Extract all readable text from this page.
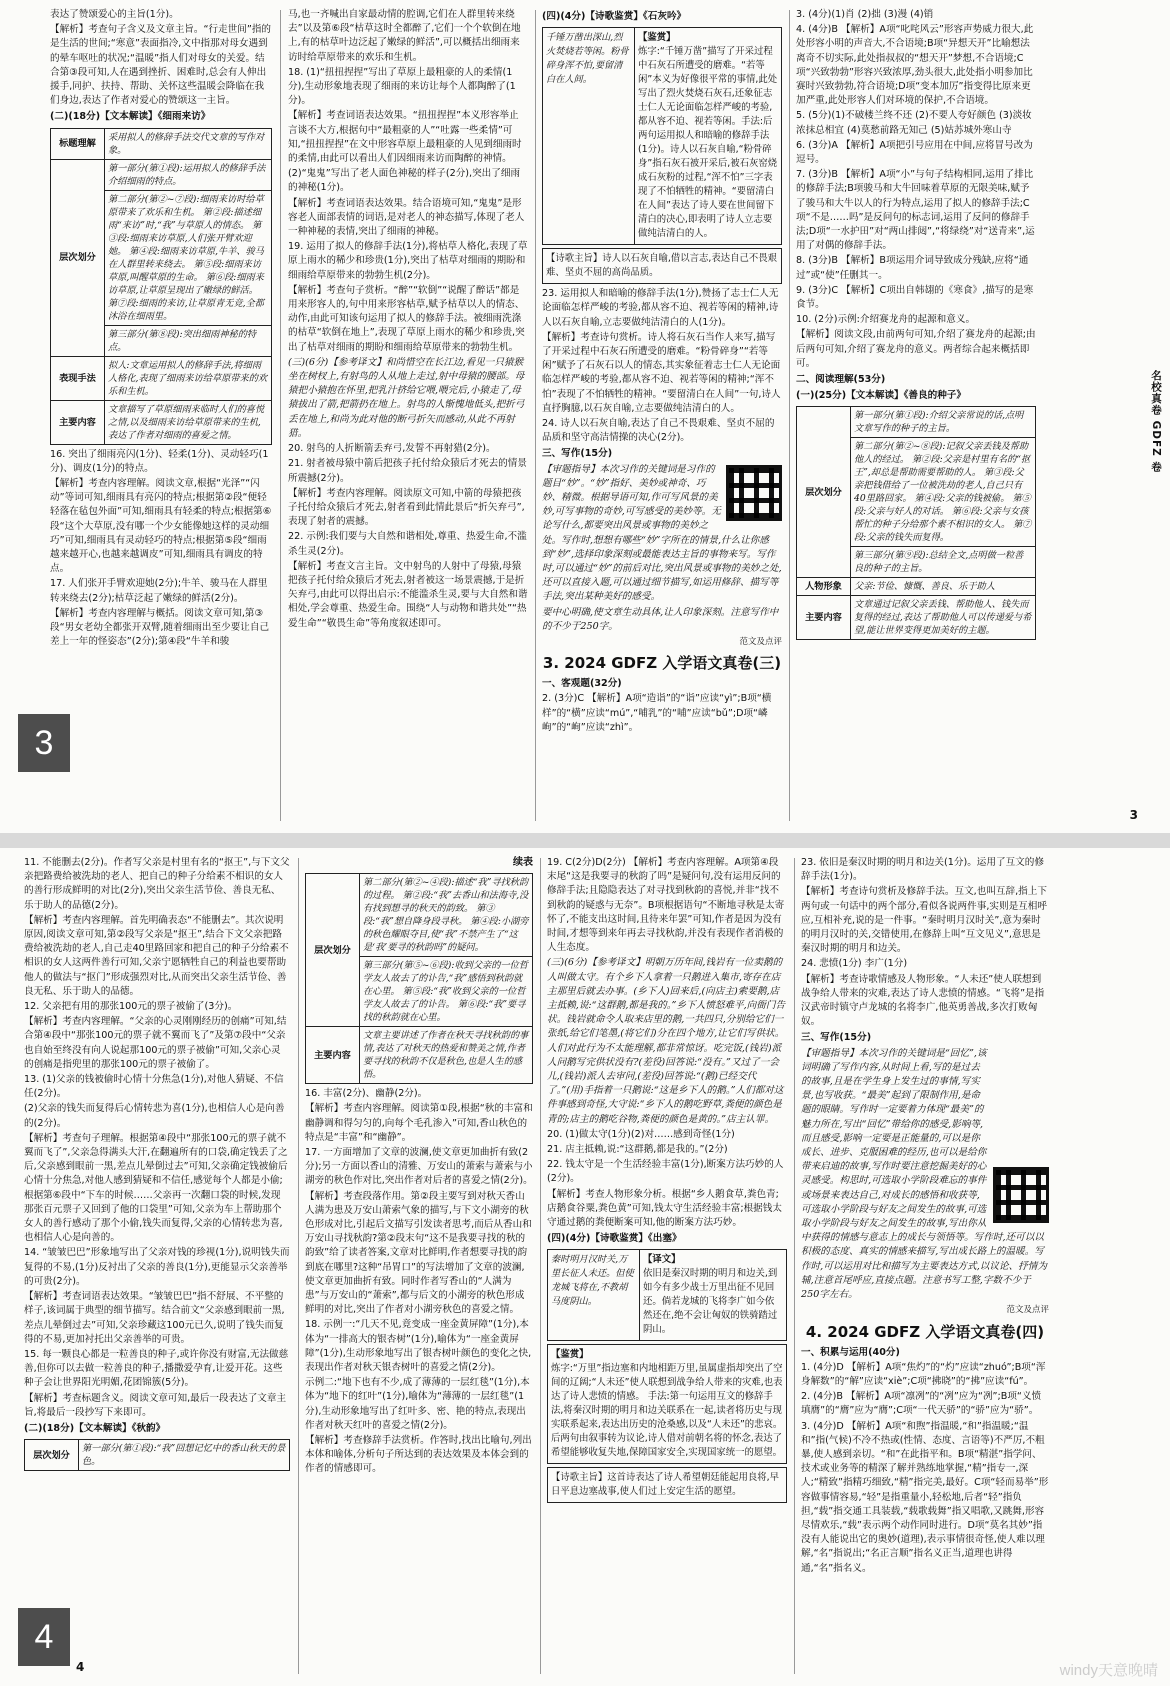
表达了赞颂爱心的主旨(1分)。

【解析】考查句子含义及文章主旨。“行走世间”指的是生活的世间;“寒意”表面指冷,文中指那对母女遇到的晕车呕吐的状况;“温暖”指人们对母女的关爱。结合第③段可知,人在遇到挫折、困难时,总会有人伸出援手,同护、扶持、帮助、关怀这些温暖会降临在我们身边,表达了作者对爱心的赞颂这一主旨。

(二)(18分)【文本解读】《细雨来访》

标题理解	采用拟人的修辞手法交代文章的写作对象。
层次划分	第一部分(第①段):运用拟人的修辞手法介绍细雨的特点。
	第二部分(第②~⑦段):细雨来访时给草原带来了欢乐和生机。 第②段:描述细雨“来访”时,“我”与草原人的情态。 第③段:细雨来访草原,人们张开臂欢迎她。 第④段:细雨来访草原,牛羊、骏马在人群里转来绕去。 第⑤段:细雨来访草原,叫醒草原的生命。 第⑥段:细雨来访草原,让草原呈现出了嫩绿的鲜活。 第⑦段:细雨的来访,让草原青无竞,全都沐浴在细雨里。
	第三部分(第⑧段):突出细雨神秘的特点。
表现手法	拟人:文章运用拟人的修辞手法,将细雨人格化,表现了细雨来访给草原带来的欢乐和生机。
主要内容	文章描写了草原细雨来临时人们的喜悦之情,以及细雨来访给草原带来的生机,表达了作者对细雨的喜爱之情。

16. 突出了细雨亮闪(1分)、轻柔(1分)、灵动轻巧(1分)、调皮(1分)的特点。

【解析】考查内容理解。阅读文章,根据“光泽”“闪动”等词可知,细雨具有亮闪的特点;根据第②段“便轻轻落在毡包外面”可知,细雨具有轻柔的特点;根据第⑥段“这个大草原,没有哪一个少女能像她这样的灵动细巧”可知,细雨具有灵动轻巧的特点;根据第⑤段“细雨越来越开心,也越来越调皮”可知,细雨具有调皮的特点。

17. 人们张开手臂欢迎她(2分);牛羊、骏马在人群里转来绕去(2分);枯草泛起了嫩绿的鲜活(2分)。

【解析】考查内容理解与概括。阅读文章可知,第③段“男女老幼全都张开双臂,随着细雨出至少要让自己差上一年的怪姿态”(2分);第④段“牛羊和骏

马,也一齐喊出自家最动情的腔调,它们在人群里转来绕去”以及第⑥段“枯草这时全都醉了,它们一个个软倒在地上,有的枯草叶边泛起了嫩绿的鲜活”,可以概括出细雨来访时给草原带来的欢乐和生机。

18. (1)“扭扭捏捏”写出了草原上最粗豪的人的柔情(1分),生动形象地表现了细雨的来访让每个人都陶醉了(1分)。

【解析】考查词语表达效果。“扭扭捏捏”本义形容举止言谈不大方,根据句中“最粗豪的人”“吐露一些柔情”可知,“扭扭捏捏”在文中形容草原上最粗豪的人见到细雨时的柔情,由此可以看出人们因细雨来访而陶醉的神情。

(2)“鬼鬼”写出了老人面色神秘的样子(2分),突出了细雨的神秘(1分)。

【解析】考查词语表达效果。结合语境可知,“鬼鬼”是形容老人面部表情的词语,是对老人的神态描写,体现了老人一种神秘的表情,突出了细雨的神秘。

19. 运用了拟人的修辞手法(1分),将枯草人格化,表现了草原上雨水的稀少和珍贵(1分),突出了枯草对细雨的期盼和细雨给草原带来的勃勃生机(2分)。

【解析】考查句子赏析。“醉”“软倒”“说醒了醉话”都是用来形容人的,句中用来形容枯草,赋予枯草以人的情态、动作,由此可知该句运用了拟人的修辞手法。被细雨洗涤的枯草“软倒在地上”,表现了草原上雨水的稀少和珍贵,突出了枯草对细雨的期盼和细雨给草原带来的勃勃生机。

(三)(6分)【参考译文】和尚惜空在长江边,看见一只猿猴坐在树杈上,有射鸟的人从地上走过,射中母猿的腰部。母猿把小猿抱在怀里,把乳汁挤给它喂,喂完后,小猿走了,母猿拔出了箭,把箭扔在地上。射鸟的人惭愧地低头,把折弓丢在地上,和尚为此对他的断弓折矢而感动,从此不再射猎。

20. 射鸟的人折断箭丢弃弓,发誓不再射猎(2分)。

21. 射者被母猿中箭后把孩子托付给众猿后才死去的情景所震撼(2分)。

【解析】考查内容理解。阅读原文可知,中箭的母猿把孩子托付给众猿后才死去,射者看到此情此景后“折矢弃弓”,表现了射者的震撼。

22. 示例:我们要与大自然和谐相处,尊重、热爱生命,不滥杀生灵(2分)。

【解析】考查文言主旨。文中射鸟的人射中了母猿,母猿把孩子托付给众猿后才死去,射者被这一场景震撼,于是折矢弃弓,由此可以得出启示:不能滥杀生灵,要与大自然和谐相处,学会尊重、热爱生命。围绕“人与动物和谐共处”“热爱生命”“敬畏生命”等角度叙述即可。

(四)(4分)【诗歌鉴赏】《石灰吟》

千锤万凿出深山,烈火焚烧若等闲。粉骨碎身浑不怕,要留清白在人间。
【鉴赏】
炼字:“千锤万凿”描写了开采过程中石灰石所遭受的磨难。“若等闲”本义为好像很平常的事情,此处写出了烈火焚烧石灰石,还象征志士仁人无论面临怎样严峻的考验,都从容不迫、视若等闲。手法:后两句运用拟人和暗喻的修辞手法(1分)。诗人以石灰自喻,“粉骨碎身”指石灰石被开采后,被石灰窑烧成石灰粉的过程,“浑不怕”三字表现了不怕牺牲的精神。“要留清白在人间”表达了诗人要在世间留下清白的决心,即表明了诗人立志要做纯洁清白的人。
【诗歌主旨】诗人以石灰自喻,借以言志,表达自己不畏艰难、坚贞不屈的高尚品质。

23. 运用拟人和暗喻的修辞手法(1分),赞扬了志士仁人无论面临怎样严峻的考验,都从容不迫、视若等闲的精神,诗人以石灰自喻,立志要做纯洁清白的人(1分)。

【解析】考查诗句赏析。诗人将石灰石当作人来写,描写了开采过程中石灰石所遭受的磨难。“粉骨碎身”“若等闲”赋予了石灰石以人的情态,其实象征着志士仁人无论面临怎样严峻的考验,都从容不迫、视若等闲的精神;“浑不怕”表现了不怕牺牲的精神。“要留清白在人间”一句,诗人直抒胸臆,以石灰自喻,立志要做纯洁清白的人。

24. 诗人以石灰自喻,表达了自己不畏艰难、坚贞不屈的品质和坚守高洁情操的决心(2分)。

三、写作(15分)

【审题指导】本次习作的关键词是习作的题目“妙”。“妙”指好、美妙或神奇、巧妙、精微。根据导语可知,作可写风景的美妙,可写事物的奇妙,可写感受的美妙等。无论写什么,都要突出风景或事物的美妙之处。写作时,想想有哪些“妙”字所在的情景,什么让你感到“妙”,选择印象深刻或最能表达主旨的事物来写。写作时,可以通过“妙”的前后对比,突出风景或事物的美妙之处,还可以直接入题,可以通过细节描写,如运用修辞、描写等手法,突出某种美好的感受。

要中心明确,使文章生动具体,让人印象深刻。注意写作中的不少于250字。

范文及点评
3. 2024 GDFZ 入学语文真卷(三)

一、客观题(32分)

2. (3分)C 【解析】A项“造诣”的“诣”应读“yì”;B项“横样”的“横”应读“mú”,“哺乳”的“哺”应读“bǔ”;D项“嶙峋”的“峋”应读“zhì”。

3. (4分)(1)肖 (2)拙 (3)漫 (4)销

4. (4分)B 【解析】A项“叱咤风云”形容声势威力很大,此处形容小明的声音大,不合语境;B项“异想天开”比喻想法离奇不切实际,此处指叔叔的“想天开”梦想,不合语境;C项“兴致勃勃”形容兴致浓厚,劲头很大,此处指小明参加比赛时兴致勃勃,符合语境;D项“变本加厉”指变得比原来更加严重,此处形容人们对环境的保护,不合语境。

5. (5分)(1)不破楼兰终不还 (2)不要人夸好颜色 (3)淡妆浓抹总相宜 (4)莫愁前路无知己 (5)姑苏城外寒山寺

6. (3分)A 【解析】A项把引号应用在中间,应将冒号改为逗号。

7. (3分)B 【解析】A项“小”与句子结构相同,运用了排比的修辞手法;B项骏马和大牛回味着草原的无限美味,赋予了骏马和大牛以人的行为特点,运用了拟人的修辞手法;C项“不是……吗”是反问句的标志词,运用了反问的修辞手法;D项“一水护田”对“两山排闼”,“将绿绕”对“送青来”,运用了对偶的修辞手法。

8. (3分)B 【解析】B项运用介词导致成分残缺,应将“通过”或“使”任删其一。

9. (3分)C 【解析】C项出自韩翃的《寒食》,描写的是寒食节。

10. (2分)示例:介绍赛龙舟的起源和意义。

【解析】阅读文段,由前两句可知,介绍了赛龙舟的起源;由后两句可知,介绍了赛龙舟的意义。两者综合起来概括即可。

二、阅读理解(53分)

(一)(25分)【文本解读】《善良的种子》

层次划分	第一部分(第①段):介绍父亲常说的话,点明文章写作的种子的主旨。
	第二部分(第②~⑧段):记叙父亲丢钱及帮助他人的经过。 第②段:父亲是村里有名的“抠王”,却总是帮助需要帮助的人。 第③段:父亲把钱借给了一位被洗劫的老人,自己只有40里路回家。 第④段:父亲的钱被偷。 第⑤段:父亲与好人的对话。 第⑥段:父亲与女孩帮忙的种子分给那个素不相识的女人。 第⑦段:父亲的钱失而复得。
	第三部分(第⑨段):总结全文,点明做一粒善良的种子的主旨。
人物形象	父亲:节俭、慷慨、善良、乐于助人
主要内容	文章通过记叙父亲丢钱、帮助他人、钱失而复得的经过,表达了帮助他人可以传递爱与希望,能让世界变得更加美好的主题。
名校真卷 GDFZ 卷
3
3

11. 不能删去(2分)。作者写父亲是村里有名的“抠王”,与下文父亲把路费给被洗劫的老人、把自己的种子分给素不相识的女人的善行形成鲜明的对比(2分),突出父亲生活节俭、善良无私、乐于助人的品德(2分)。

【解析】考查内容理解。首先明确表态“不能删去”。其次说明原因,阅读文章可知,第②段写父亲是“抠王”,结合下文父亲把路费给被洗劫的老人,自己走40里路回家和把自己的种子分给素不相识的女人这两件善行可知,父亲宁愿牺牲自己的利益也要帮助他人的做法与“抠门”形成强烈对比,从而突出父亲生活节俭、善良无私、乐于助人的品德。

12. 父亲把有用的那张100元的票子被偷了(3分)。

【解析】考查内容理解。“父亲的心灵刚刚经历的创痛”可知,结合第④段中“那张100元的票子就不翼而飞了”及第⑦段中“父亲也自始至终没有向人说起那100元的票子被偷”可知,父亲心灵的创痛是指兜里的那张100元的票子被偷了。

13. (1)父亲的钱被偷时心情十分焦急(1分),对他人猜疑、不信任(2分)。

(2)父亲的钱失而复得后心情转悲为喜(1分),也相信人心是向善的(2分)。

【解析】考查句子理解。根据第④段中“那张100元的票子就不翼而飞了”,父亲急得满头大汗,在翻遍所有的口袋,确定钱丢了之后,父亲感到眼前一黑,差点儿晕倒过去”可知,父亲确定钱被偷后心情十分焦急,对他人感到猜疑和不信任,感觉每个人都是小偷;根据第⑥段中“下车的时候……父亲再一次翻口袋的时候,发现那张百元票子又回到了他的口袋里”可知,父亲为车上帮助那个女人的善行感动了那个小偷,钱失而复得,父亲的心情转悲为喜,也相信人心是向善的。

14. “皱皱巴巴”形象地写出了父亲对钱的珍视(1分),说明钱失而复得的不易,(1分)反衬出了父亲的善良(1分),更能显示父亲善举的可贵(2分)。

【解析】考查词语表达效果。“皱皱巴巴”指不舒展、不平整的样子,该词属于典型的细节描写。结合前文“父亲感到眼前一黑,差点儿晕倒过去”可知,父亲珍藏这100元已久,说明了钱失而复得的不易,更加衬托出父亲善举的可贵。

15. 每一颗良心都是一粒善良的种子,或许你没有财富,无法做慈善,但你可以去做一粒善良的种子,播撒爱孕育,让爱开花。这些种子会让世界阳光明媚,花团锦簇(5分)。

【解析】考查标题含义。阅读文章可知,最后一段表达了文章主旨,将最后一段抄写下来即可。

(二)(18分)【文本解读】《秋韵》

层次划分	第一部分(第①段):“我”回想记忆中的香山秋天的景色。
续表
层次划分	第二部分(第②~④段):描述“我”寻找秋韵的过程。 第②段:“我”去香山和法海寺,没有找到想寻的秋天的韵致。 第③段:“我”想自降身段寻秋。 第④段:小湖旁的秋色耀眼夺目,使“我”不禁产生了“这是‘我’要寻的秋韵吗”的疑问。
	第三部分(第⑤~⑥段):收到父亲的一位哲学友人故去了的讣告,“我”感悟到秋韵就在心里。 第⑤段:“我”收到父亲的一位哲学友人故去了的讣告。 第⑥段:“我”要寻找的秋韵就在心里。
主要内容	文章主要讲述了作者在秋天寻找秋韵的事情,表达了对秋天的热爱和赞美之情,作者要寻找的秋韵不仅是秋色,也是人生的感悟。

16. 丰富(2分)、幽静(2分)。

【解析】考查内容理解。阅读第①段,根据“秋的丰富和幽静调和得匀匀的,向每个毛孔渗入”可知,香山秋色的特点是“丰富”和“幽静”。

17. 一方面增加了文章的波澜,使文章更加曲折有致(2分);另一方面以香山的清雅、万安山的萧索与萧索与小湖旁的秋色作对比,突出作者对后者的喜爱之情(2分)。

【解析】考查段落作用。第②段主要写到对秋天香山人满为患及万安山萧索气象的描写,与下文小湖旁的秋色形成对比,引起后文描写引发读者思考,而后从香山和万安山寻找秋韵?第②段末句“这不是我要寻找的秋的韵致”给了读者答案,文章对比鲜明,作者想要寻找的韵到底在哪里?这种“吊胃口”的写法增加了文章的波澜,使文章更加曲折有致。同时作者写香山的“人满为患”与万安山的“萧索”,都与后文的小湖旁的秋色形成鲜明的对比,突出了作者对小湖旁秋色的喜爱之情。

18. 示例一:“几天不见,竟变成一座金黄屏障”(1分),本体为“一排高大的银杏树”(1分),喻体为“一座金黄屏障”(1分),生动形象地写出了银杏树叶颜色的变化之快,表现出作者对秋天银杏树叶的喜爱之情(2分)。

示例二:“地下也有不少,成了薄薄的一层红毯”(1分),本体为“地下的红叶”(1分),喻体为“薄薄的一层红毯”(1分),生动形象地写出了红叶多、密、艳的特点,表现出作者对秋天红叶的喜爱之情(2分)。

【解析】考查修辞手法赏析。作答时,找出比喻句,列出本体和喻体,分析句子所达到的表达效果及本体会到的作者的情感即可。

19. C(2分)D(2分) 【解析】考查内容理解。A项第④段末尾“这是我要寻的秋韵了吗”是疑问句,没有运用反问的修辞手法;且隐隐表达了对寻找到秋韵的喜悦,并非“找不到秋韵的疑惑与无奈”。B项根据语句“不断地寻秋是太寄怀了,不能支出这时间,且待来年罢”可知,作者是因为没有时间,才想等到来年再去寻找秋韵,并没有表现作者消极的人生态度。

(三)(6分)【参考译文】明朝万历年间,钱岩有一位卖鹅的人叫做太守。有个乡下人拿着一只鹅进入集市,寄存在店主那里后就去办事。(乡下人)回来后,(向店主)索要鹅,店主抵赖,说:“这群鹅,都是我的。”乡下人愤怒难平,向衙门告状。钱岩就命令人取来店里的鹅,一共四只,分别给它们一张纸,给它们笔墨,(将它们)分在四个地方,让它们写供状。人们对此行为不太能理解,都非常惊讶。吃完饭,(钱岩)派人问鹅写完供状没有?(差役)回答说:“没有。”又过了一会儿,(钱岩)派人去审问,(差役)回答说:“(鹅)已经交代了。”(用)手指着一只鹅说:“这是乡下人的鹅。”人们都对这件事感到奇怪,大守说:“乡下人的鹅吃野草,粪便的颜色是青的;店主的鹅吃谷物,粪便的颜色是黄的。”店主认罪。

20. (1)做太守(1分)(2)对……感到奇怪(1分)

21. 店主抵赖,说:“这群鹅,都是我的。”(2分)

22. 钱太守是一个生活经验丰富(1分),断案方法巧妙的人(2分)。

【解析】考查人物形象分析。根据“乡人鹅食草,粪色青;店鹅食谷粟,粪色黄”可知,钱太守生活经验丰富;根据钱太守通过鹅的粪便断案可知,他的断案方法巧妙。

(四)(4分)【诗歌鉴赏】《出塞》

秦时明月汉时关,万里长征人未还。但使龙城飞将在,不教胡马度阴山。
【译文】
依旧是秦汉时期的明月和边关,到如今有多少战士万里出征不见回还。倘若龙城的飞将李广如今依然还在,绝不会让匈奴的铁骑踏过阴山。
【鉴赏】
炼字:“万里”指边塞和内地相距万里,虽属虚指却突出了空间的辽阔;“人未还”使人联想到战争给人带来的灾难,也表达了诗人悲愤的情感。 手法:第一句运用互文的修辞手法,将秦汉时期的明月和边关联系在一起,读者将历史与现实联系起来,表达出历史的沧桑感,以及“人未还”的悲哀。后两句由叙事转为议论,诗人借对前朝名将的怀念,表达了希望能够收复失地,保障国家安全,实现国家统一的愿望。
【诗歌主旨】这首诗表达了诗人希望朝廷能起用良将,早日平息边塞战事,使人们过上安定生活的愿望。

23. 依旧是秦汉时期的明月和边关(1分)。运用了互文的修辞手法(1分)。

【解析】考查诗句赏析及修辞手法。互文,也叫互辞,指上下两句或一句话中的两个部分,看似各说两件事,实则是互相呼应,互相补充,说的是一件事。“秦时明月汉时关”,意为秦时的明月汉时的关,交错使用,在修辞上叫“互文见义”,意思是秦汉时期的明月和边关。

24. 悲愤(1分) 李广(1分)

【解析】考查诗歌情感及人物形象。“人未还”使人联想到战争给人带来的灾难,表达了诗人悲愤的情感。“飞将”是指汉武帝时镇守卢龙城的名将李广,他英勇善战,多次打败匈奴。

三、写作(15分)

【审题指导】本次习作的关键词是“回忆”,该词明确了写作内容,从时间上看,写的是过去的故事,且是在学生身上发生过的事情,写实景,也写收获。“最美”起到了限制作用,是命题的眼睛。写作时一定要着力体现“最美”的魅力所在,写出“回忆”带给你的感受,影响等,而且感受,影响一定要是正能量的,可以是你成长、进步、克服困难的经历,也可以是给你带来启迪的故事,写作时要注意挖掘美好的心灵感受。构思时,可选取小学阶段难忘的事件或场景来表达自己,对成长的感悟和收获等,可选取小学阶段与好友之间发生的故事,可选取小学阶段与好友之间发生的故事,写出你从中获得的情感与意志上的成长与领悟等。写作时,还可以以积极的态度、真实的情感来描写,写出成长路上的温暖。写作时,可以运用对比和描写为主要表达方式,以议论、抒情为辅,注意首尾呼应,直接点题。注意书写工整,字数不少于250字左右。

范文及点评
4. 2024 GDFZ 入学语文真卷(四)

一、积累与运用(40分)

1. (4分)D 【解析】A项“焦灼”的“灼”应读“zhuó”;B项“浑身解数”的“解”应读“xiè”;C项“拂晓”的“拂”应读“fú”。

2. (4分)B 【解析】A项“凛冽”的“冽”应为“冽”;B项“义愤填膺”的“膺”应为“膺”;C项“一代天骄”的“骄”应为“骄”。

3. (4分)D 【解析】A项“和煦”指温暖,“和”指温暖;“温和”指(气候)不冷不热或(性情、态度、言语等)不严厉,不粗暴,使人感到亲切。“和”在此指平和。B项“精湛”指学问、技术或业务等的精深了解并熟练地掌握,“精”指专一,深人;“精致”指精巧细致,“精”指完美,最好。C项“轻而易举”形容做事情容易,“轻”是指重量小,轻松地,后者“轻”指负担,“载”指交通工具装载,“载歌载舞”指又唱歌,又跳舞,形容尽情欢乐,“载”表示两个动作同时进行。D项“莫名其妙”指没有人能说出它的奥妙(道理),表示事情很奇怪,使人难以理解,“名”指说出;“名正言顺”指名义正当,道理也讲得通,“名”指名义。

4
4	windy天意晚晴
